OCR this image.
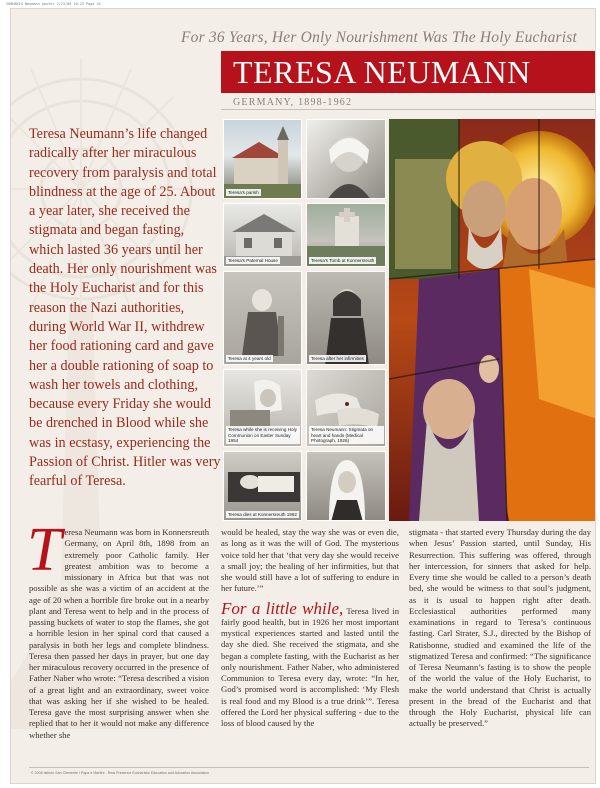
SUBHAKE4 Neumann poster 2/23/09 10:23 Page 41
For 36 Years, Her Only Nourishment Was The Holy Eucharist
TERESA NEUMANN
GERMANY, 1898-1962

Teresa Neumann’s life changed radically after her miraculous recovery from paralysis and total blindness at the age of 25. About a year later, she received the stigmata and began fasting, which lasted 36 years until her death. Her only nourishment was the Holy Eucharist and for this reason the Nazi authorities, during World War II, withdrew her food rationing card and gave her a double rationing of soap to wash her towels and clothing, because every Friday she would be drenched in Blood while she was in ecstasy, experiencing the Passion of Christ. Hitler was very fearful of Teresa.

Teresa's parish
Teresa's Paternal House	Teresa's Tomb at Konnersreuth
Teresa at 4 years old	Teresa after her infirmities
Teresa while she is receiving Holy Communion on Easter Sunday 1954
Teresa Neumann: Stigmata on heart and hands (Medical Photograph, 1926)
Teresa dies at Konnersreuth 1962
Teresa Neumann was born in Konnersreuth Germany, on April 8th, 1898 from an extremely poor Catholic family. Her greatest ambition was to become a missionary in Africa but that was not possible as she was a victim of an accident at the age of 20 when a horrible fire broke out in a nearby plant and Teresa went to help and in the process of passing buckets of water to stop the flames, she got a horrible lesion in her spinal cord that caused a paralysis in both her legs and complete blindness. Teresa then passed her days in prayer, but one day her miraculous recovery occurred in the presence of Father Naber who wrote: “Teresa described a vision of a great light and an extraordinary, sweet voice that was asking her if she wished to be healed. Teresa gave the most surprising answer when she replied that to her it would not make any difference whether she
would be healed, stay the way she was or even die, as long as it was the will of God. The mysterious voice told her that ‘that very day she would receive a small joy; the healing of her infirmities, but that she would still have a lot of suffering to endure in her future.’”
For a little while, Teresa lived in fairly good health, but in 1926 her most important mystical experiences started and lasted until the day she died. She received the stigmata, and she began a complete fasting, with the Eucharist as her only nourishment. Father Naber, who administered Communion to Teresa every day, wrote: “In her, God’s promised word is accomplished: ‘My Flesh is real food and my Blood is a true drink’”. Teresa offered the Lord her physical suffering - due to the loss of blood caused by the
stigmata - that started every Thursday during the day when Jesus’ Passion started, until Sunday, His Resurrection. This suffering was offered, through her intercession, for sinners that asked for help. Every time she would be called to a person’s death bed, she would be witness to that soul’s judgment, as it is usual to happen right after death. Ecclesiastical authorities performed many examinations in regard to Teresa’s continuous fasting. Carl Strater, S.J., directed by the Bishop of Ratisbonne, studied and examined the life of the stigmatized Teresa and confirmed: “The significance of Teresa Neumann’s fasting is to show the people of the world the value of the Holy Eucharist, to make the world understand that Christ is actually present in the bread of the Eucharist and that through the Holy Eucharist, physical life can actually be preserved.”
© 2006 Istituto San Clemente I Papa e Martire - Real Presence Eucharistic Education and Adoration Association
